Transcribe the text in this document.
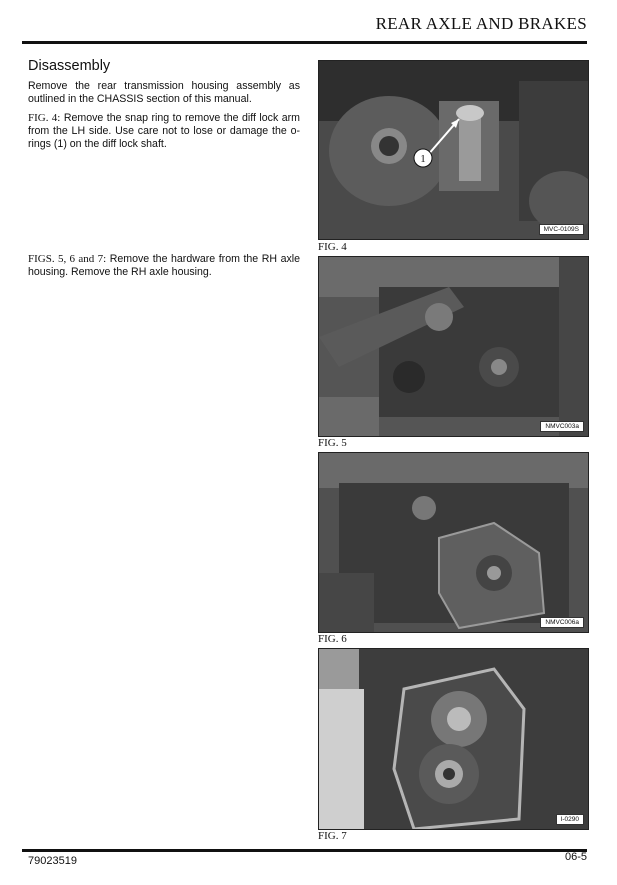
REAR AXLE AND BRAKES
Disassembly

Remove the rear transmission housing assembly as outlined in the CHASSIS section of this manual.

FIG. 4: Remove the snap ring to remove the diff lock arm from the LH side. Use care not to lose or damage the o-rings (1) on the diff lock shaft.

FIGS. 5, 6 and 7: Remove the hardware from the RH axle housing. Remove the RH axle housing.

1
MVC-0109S
FIG. 4
NMVC003a
FIG. 5
NMVC006a
FIG. 6
I-0290
FIG. 7
79023519	06-5
